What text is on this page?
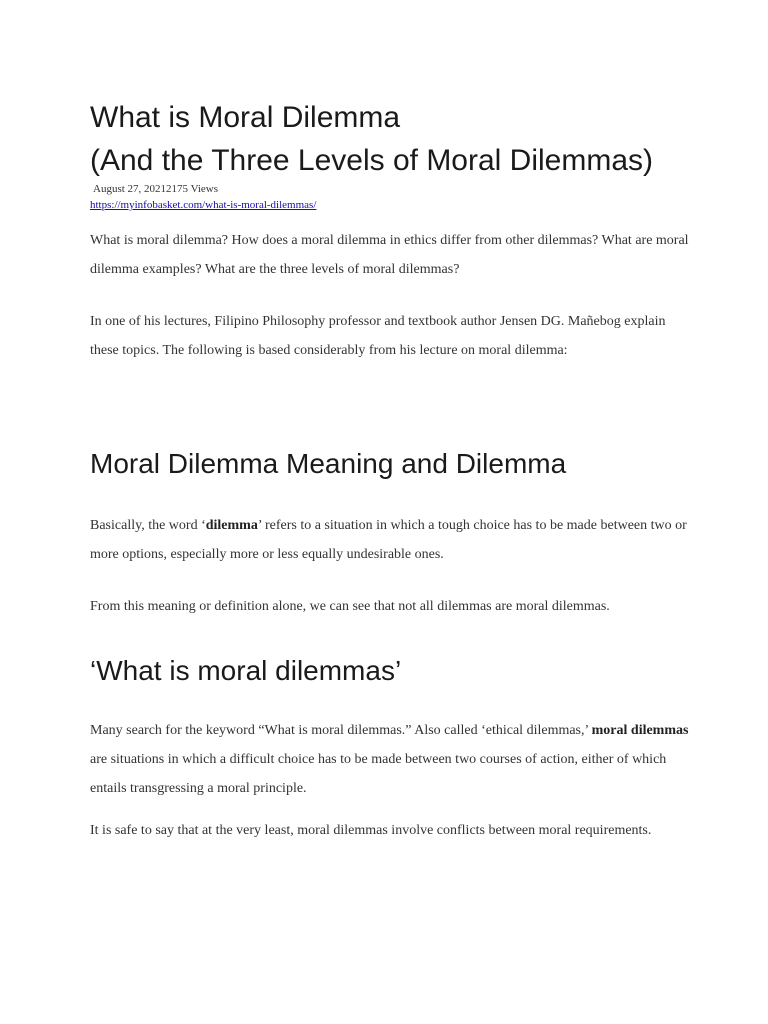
What is Moral Dilemma
(And the Three Levels of Moral Dilemmas)
August 27, 20212175 Views
https://myinfobasket.com/what-is-moral-dilemmas/

What is moral dilemma? How does a moral dilemma in ethics differ from other dilemmas? What are moral dilemma examples? What are the three levels of moral dilemmas?

In one of his lectures, Filipino Philosophy professor and textbook author Jensen DG. Mañebog explain these topics. The following is based considerably from his lecture on moral dilemma:

Moral Dilemma Meaning and Dilemma

Basically, the word ‘dilemma’ refers to a situation in which a tough choice has to be made between two or more options, especially more or less equally undesirable ones.

From this meaning or definition alone, we can see that not all dilemmas are moral dilemmas.

‘What is moral dilemmas’

Many search for the keyword “What is moral dilemmas.” Also called ‘ethical dilemmas,’ moral dilemmas are situations in which a difficult choice has to be made between two courses of action, either of which entails transgressing a moral principle.

It is safe to say that at the very least, moral dilemmas involve conflicts between moral requirements.
